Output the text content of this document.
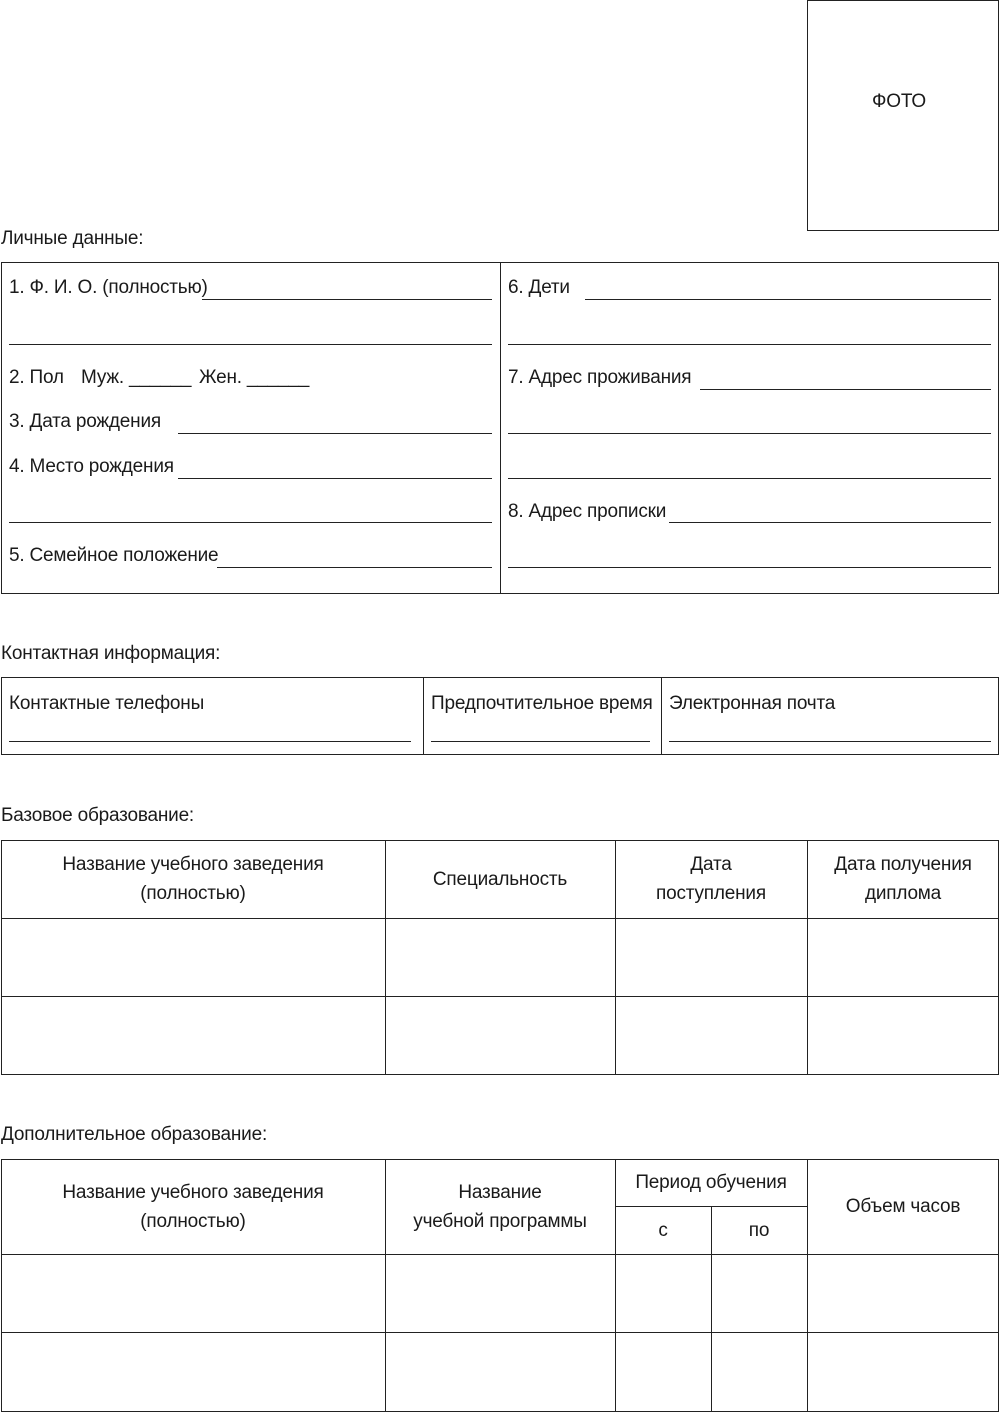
ФОТО
Личные данные:
1. Ф. И. О. (полностью)
2. Пол Муж. ______ Жен. ______
3. Дата рождения
4. Место рождения
5. Семейное положение
6. Дети
7. Адрес проживания
8. Адрес прописки
Контактная информация:
Контактные телефоны	Предпочтительное время Электронная почта
Базовое образование:
Название учебного заведения
(полностью)
Специальность
Дата
поступления
Дата получения
диплома
Дополнительное образование:
Название учебного заведения
(полностью)
Название
учебной программы
Период обучения
с	по
Объем часов
